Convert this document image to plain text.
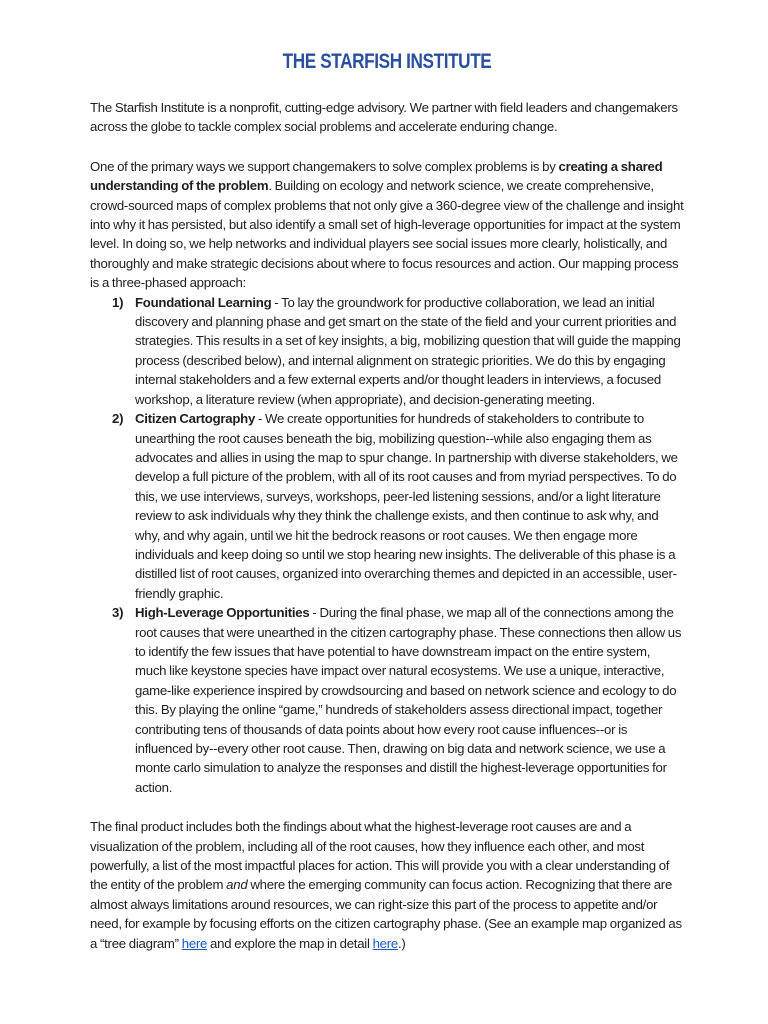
THE STARFISH INSTITUTE

The Starfish Institute is a nonprofit, cutting-edge advisory. We partner with field leaders and changemakers across the globe to tackle complex social problems and accelerate enduring change.

One of the primary ways we support changemakers to solve complex problems is by creating a shared understanding of the problem. Building on ecology and network science, we create comprehensive, crowd-sourced maps of complex problems that not only give a 360-degree view of the challenge and insight into why it has persisted, but also identify a small set of high-leverage opportunities for impact at the system level. In doing so, we help networks and individual players see social issues more clearly, holistically, and thoroughly and make strategic decisions about where to focus resources and action. Our mapping process is a three-phased approach:

1) Foundational Learning - To lay the groundwork for productive collaboration, we lead an initial discovery and planning phase and get smart on the state of the field and your current priorities and strategies. This results in a set of key insights, a big, mobilizing question that will guide the mapping process (described below), and internal alignment on strategic priorities. We do this by engaging internal stakeholders and a few external experts and/or thought leaders in interviews, a focused workshop, a literature review (when appropriate), and decision-generating meeting.
2) Citizen Cartography - We create opportunities for hundreds of stakeholders to contribute to unearthing the root causes beneath the big, mobilizing question--while also engaging them as advocates and allies in using the map to spur change. In partnership with diverse stakeholders, we develop a full picture of the problem, with all of its root causes and from myriad perspectives. To do this, we use interviews, surveys, workshops, peer-led listening sessions, and/or a light literature review to ask individuals why they think the challenge exists, and then continue to ask why, and why, and why again, until we hit the bedrock reasons or root causes. We then engage more individuals and keep doing so until we stop hearing new insights. The deliverable of this phase is a distilled list of root causes, organized into overarching themes and depicted in an accessible, user-friendly graphic.
3) High-Leverage Opportunities - During the final phase, we map all of the connections among the root causes that were unearthed in the citizen cartography phase. These connections then allow us to identify the few issues that have potential to have downstream impact on the entire system, much like keystone species have impact over natural ecosystems. We use a unique, interactive, game-like experience inspired by crowdsourcing and based on network science and ecology to do this. By playing the online “game,” hundreds of stakeholders assess directional impact, together contributing tens of thousands of data points about how every root cause influences--or is influenced by--every other root cause. Then, drawing on big data and network science, we use a monte carlo simulation to analyze the responses and distill the highest-leverage opportunities for action.

The final product includes both the findings about what the highest-leverage root causes are and a visualization of the problem, including all of the root causes, how they influence each other, and most powerfully, a list of the most impactful places for action. This will provide you with a clear understanding of the entity of the problem and where the emerging community can focus action. Recognizing that there are almost always limitations around resources, we can right-size this part of the process to appetite and/or need, for example by focusing efforts on the citizen cartography phase. (See an example map organized as a “tree diagram” here and explore the map in detail here.)
